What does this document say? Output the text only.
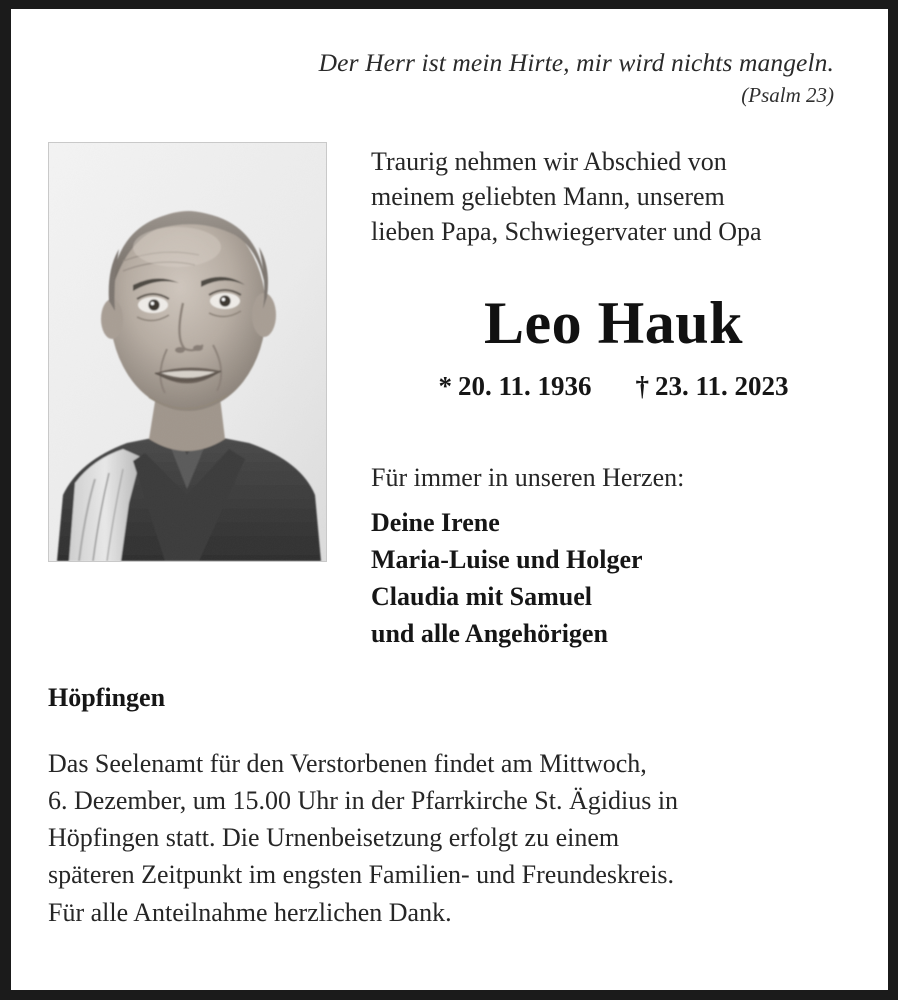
Der Herr ist mein Hirte, mir wird nichts mangeln.
(Psalm 23)
Traurig nehmen wir Abschied von
meinem geliebten Mann, unserem
lieben Papa, Schwiegervater und Opa
Leo Hauk
* 20. 11. 1936 † 23. 11. 2023
Für immer in unseren Herzen:
Deine Irene
Maria-Luise und Holger
Claudia mit Samuel
und alle Angehörigen
Höpfingen
Das Seelenamt für den Verstorbenen findet am Mittwoch,
6. Dezember, um 15.00 Uhr in der Pfarrkirche St. Ägidius in
Höpfingen statt. Die Urnenbeisetzung erfolgt zu einem
späteren Zeitpunkt im engsten Familien- und Freundeskreis.
Für alle Anteilnahme herzlichen Dank.
